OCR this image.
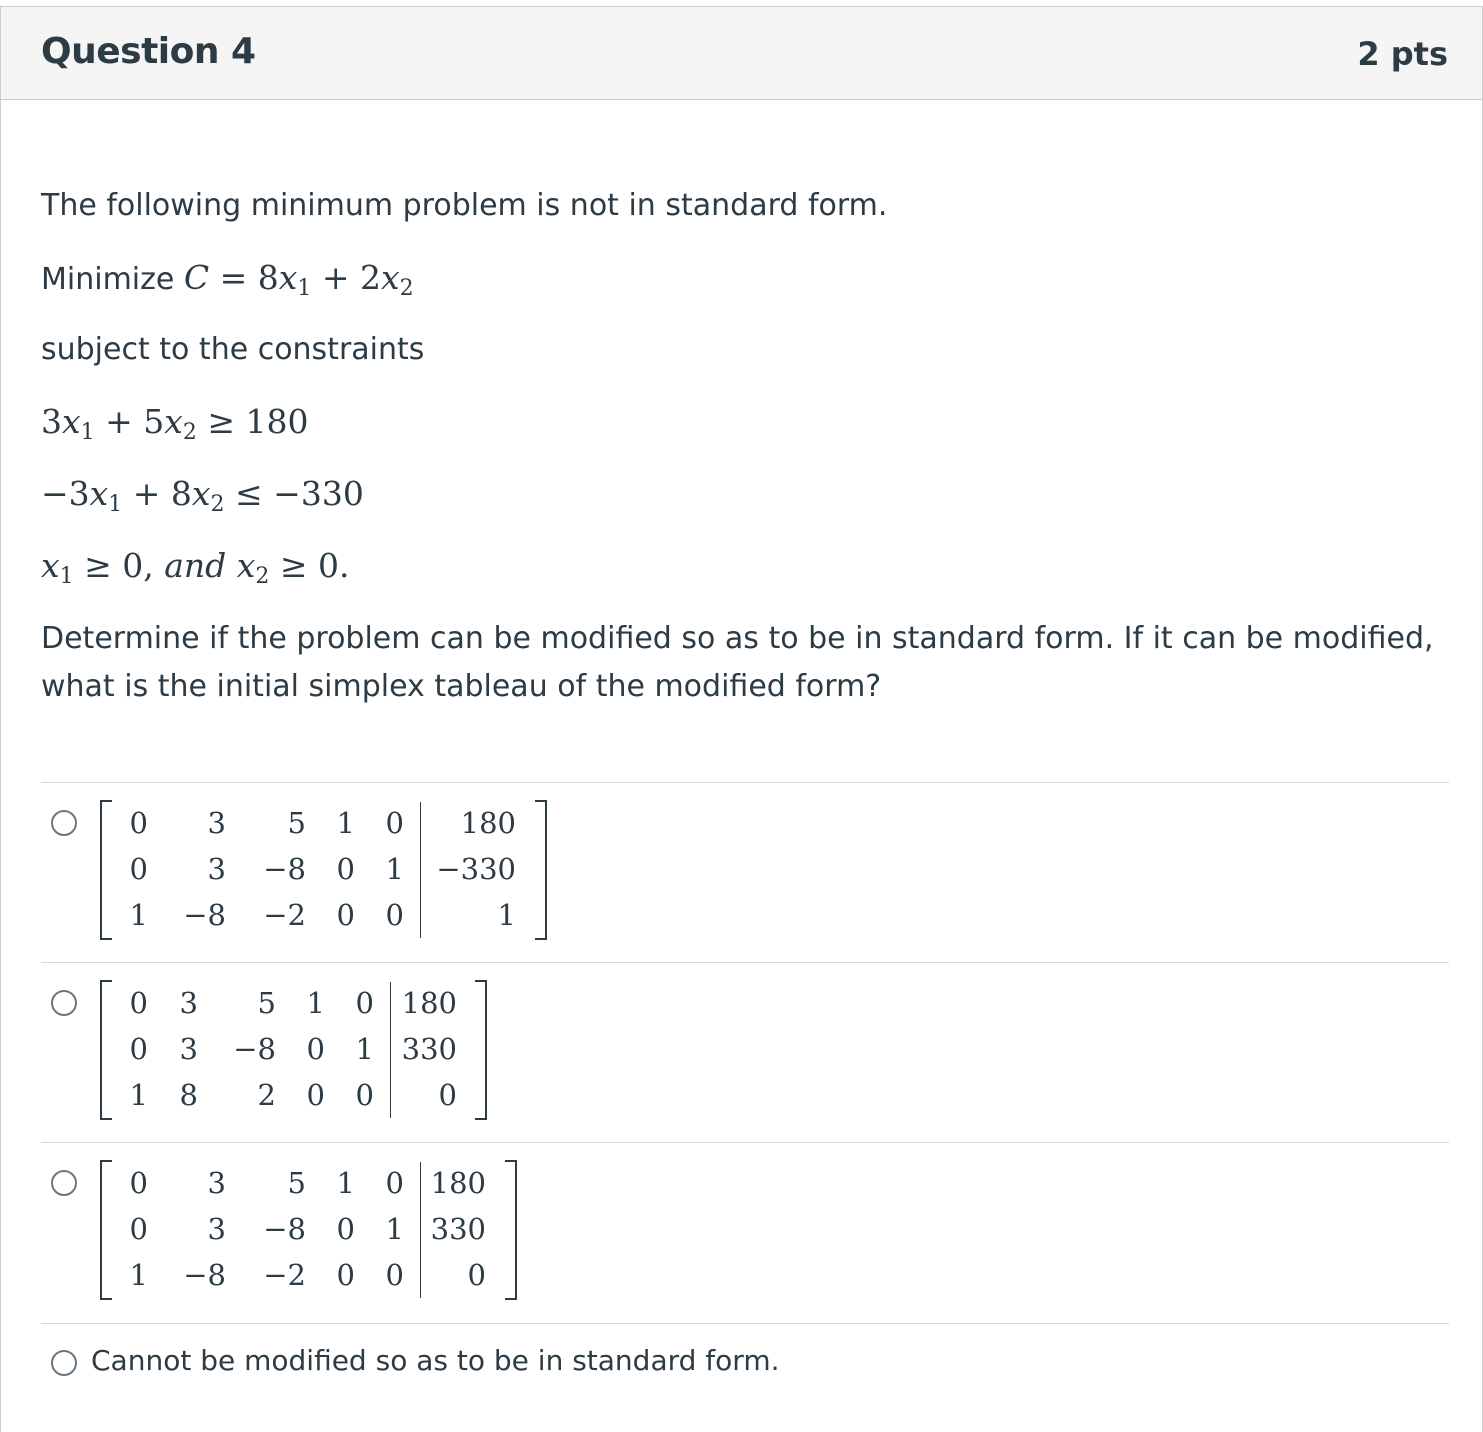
Question 4	2 pts
The following minimum problem is not in standard form.
Minimize $C = 8x_1 + 2x_2$
subject to the constraints
$3x_1 + 5x_2 \ge 180$
$-3x_1 + 8x_2 \le -330$
$x_1 \ge 0$, and $x_2 \ge 0$.
Determine if the problem can be modified so as to be in standard form. If it can be modified, what is the initial simplex tableau of the modified form?
0 3 5 1 0 180
0 3 −8 0 1 −330
1 −8 −2 0 0	1
0 3 5 1 0 180
0 3 −8 0 1 330
1 8 2 0 0 0
0 3 5 1 0 180
0 3 −8 0 1 330
1 −8 −2 0 0 0
Cannot be modified so as to be in standard form.
